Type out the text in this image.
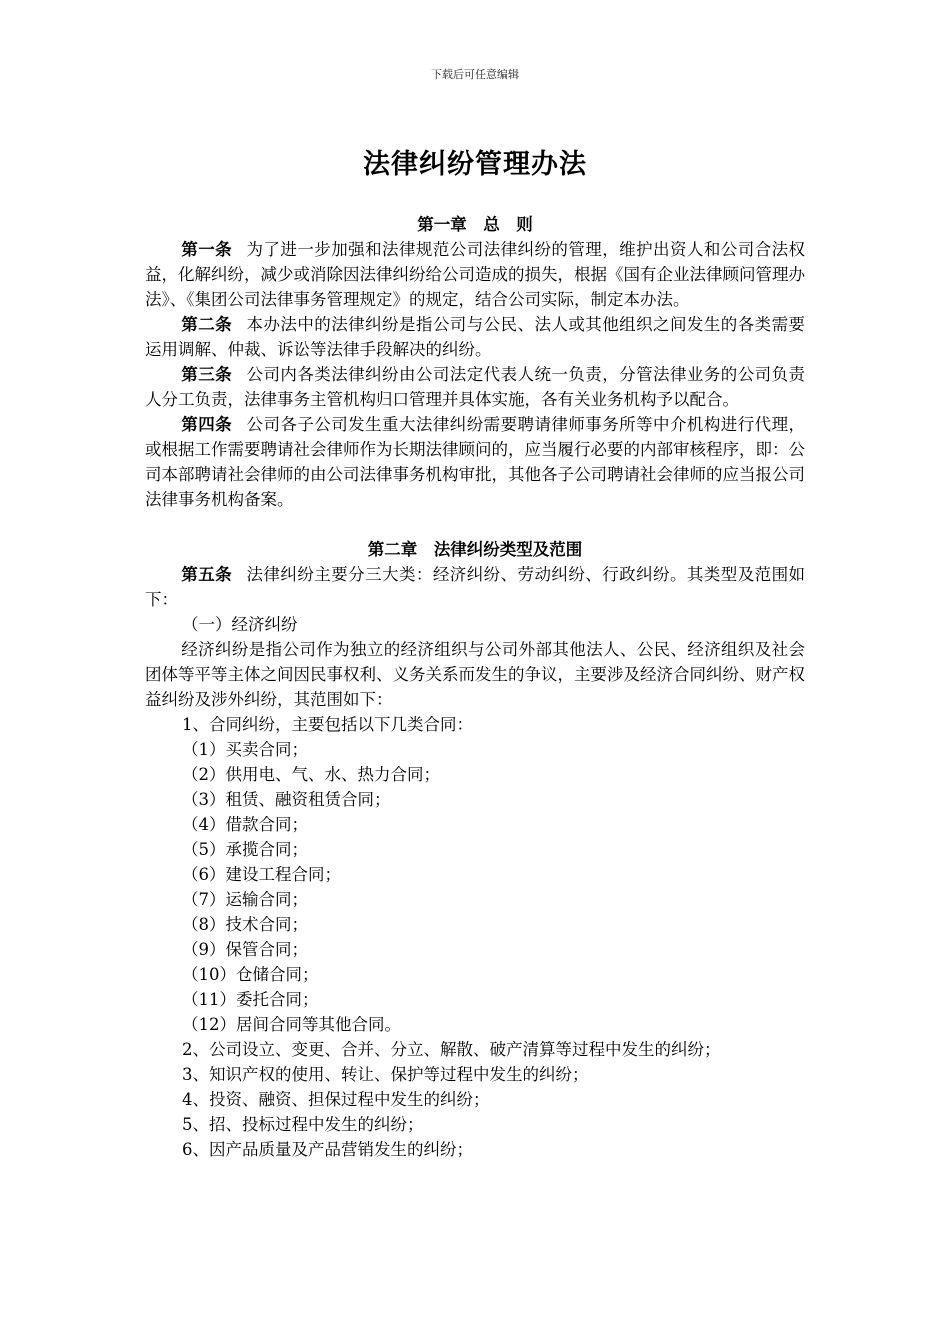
下载后可任意编辑
法律纠纷管理办法
第一章　总　则

第一条 为了进一步加强和法律规范公司法律纠纷的管理，维护出资人和公司合法权益，化解纠纷，减少或消除因法律纠纷给公司造成的损失，根据《国有企业法律顾问管理办法》、《集团公司法律事务管理规定》的规定，结合公司实际，制定本办法。

第二条 本办法中的法律纠纷是指公司与公民、法人或其他组织之间发生的各类需要运用调解、仲裁、诉讼等法律手段解决的纠纷。

第三条 公司内各类法律纠纷由公司法定代表人统一负责，分管法律业务的公司负责人分工负责，法律事务主管机构归口管理并具体实施，各有关业务机构予以配合。

第四条 公司各子公司发生重大法律纠纷需要聘请律师事务所等中介机构进行代理，或根据工作需要聘请社会律师作为长期法律顾问的，应当履行必要的内部审核程序，即：公司本部聘请社会律师的由公司法律事务机构审批，其他各子公司聘请社会律师的应当报公司法律事务机构备案。

第二章　法律纠纷类型及范围

第五条 法律纠纷主要分三大类：经济纠纷、劳动纠纷、行政纠纷。其类型及范围如下：

（一）经济纠纷

经济纠纷是指公司作为独立的经济组织与公司外部其他法人、公民、经济组织及社会团体等平等主体之间因民事权利、义务关系而发生的争议，主要涉及经济合同纠纷、财产权益纠纷及涉外纠纷，其范围如下：

1、合同纠纷，主要包括以下几类合同：
（1）买卖合同；
（2）供用电、气、水、热力合同；
（3）租赁、融资租赁合同；
（4）借款合同；
（5）承揽合同；
（6）建设工程合同；
（7）运输合同；
（8）技术合同；
（9）保管合同；
（10）仓储合同；
（11）委托合同；
（12）居间合同等其他合同。
2、公司设立、变更、合并、分立、解散、破产清算等过程中发生的纠纷；
3、知识产权的使用、转让、保护等过程中发生的纠纷；
4、投资、融资、担保过程中发生的纠纷；
5、招、投标过程中发生的纠纷；
6、因产品质量及产品营销发生的纠纷；
